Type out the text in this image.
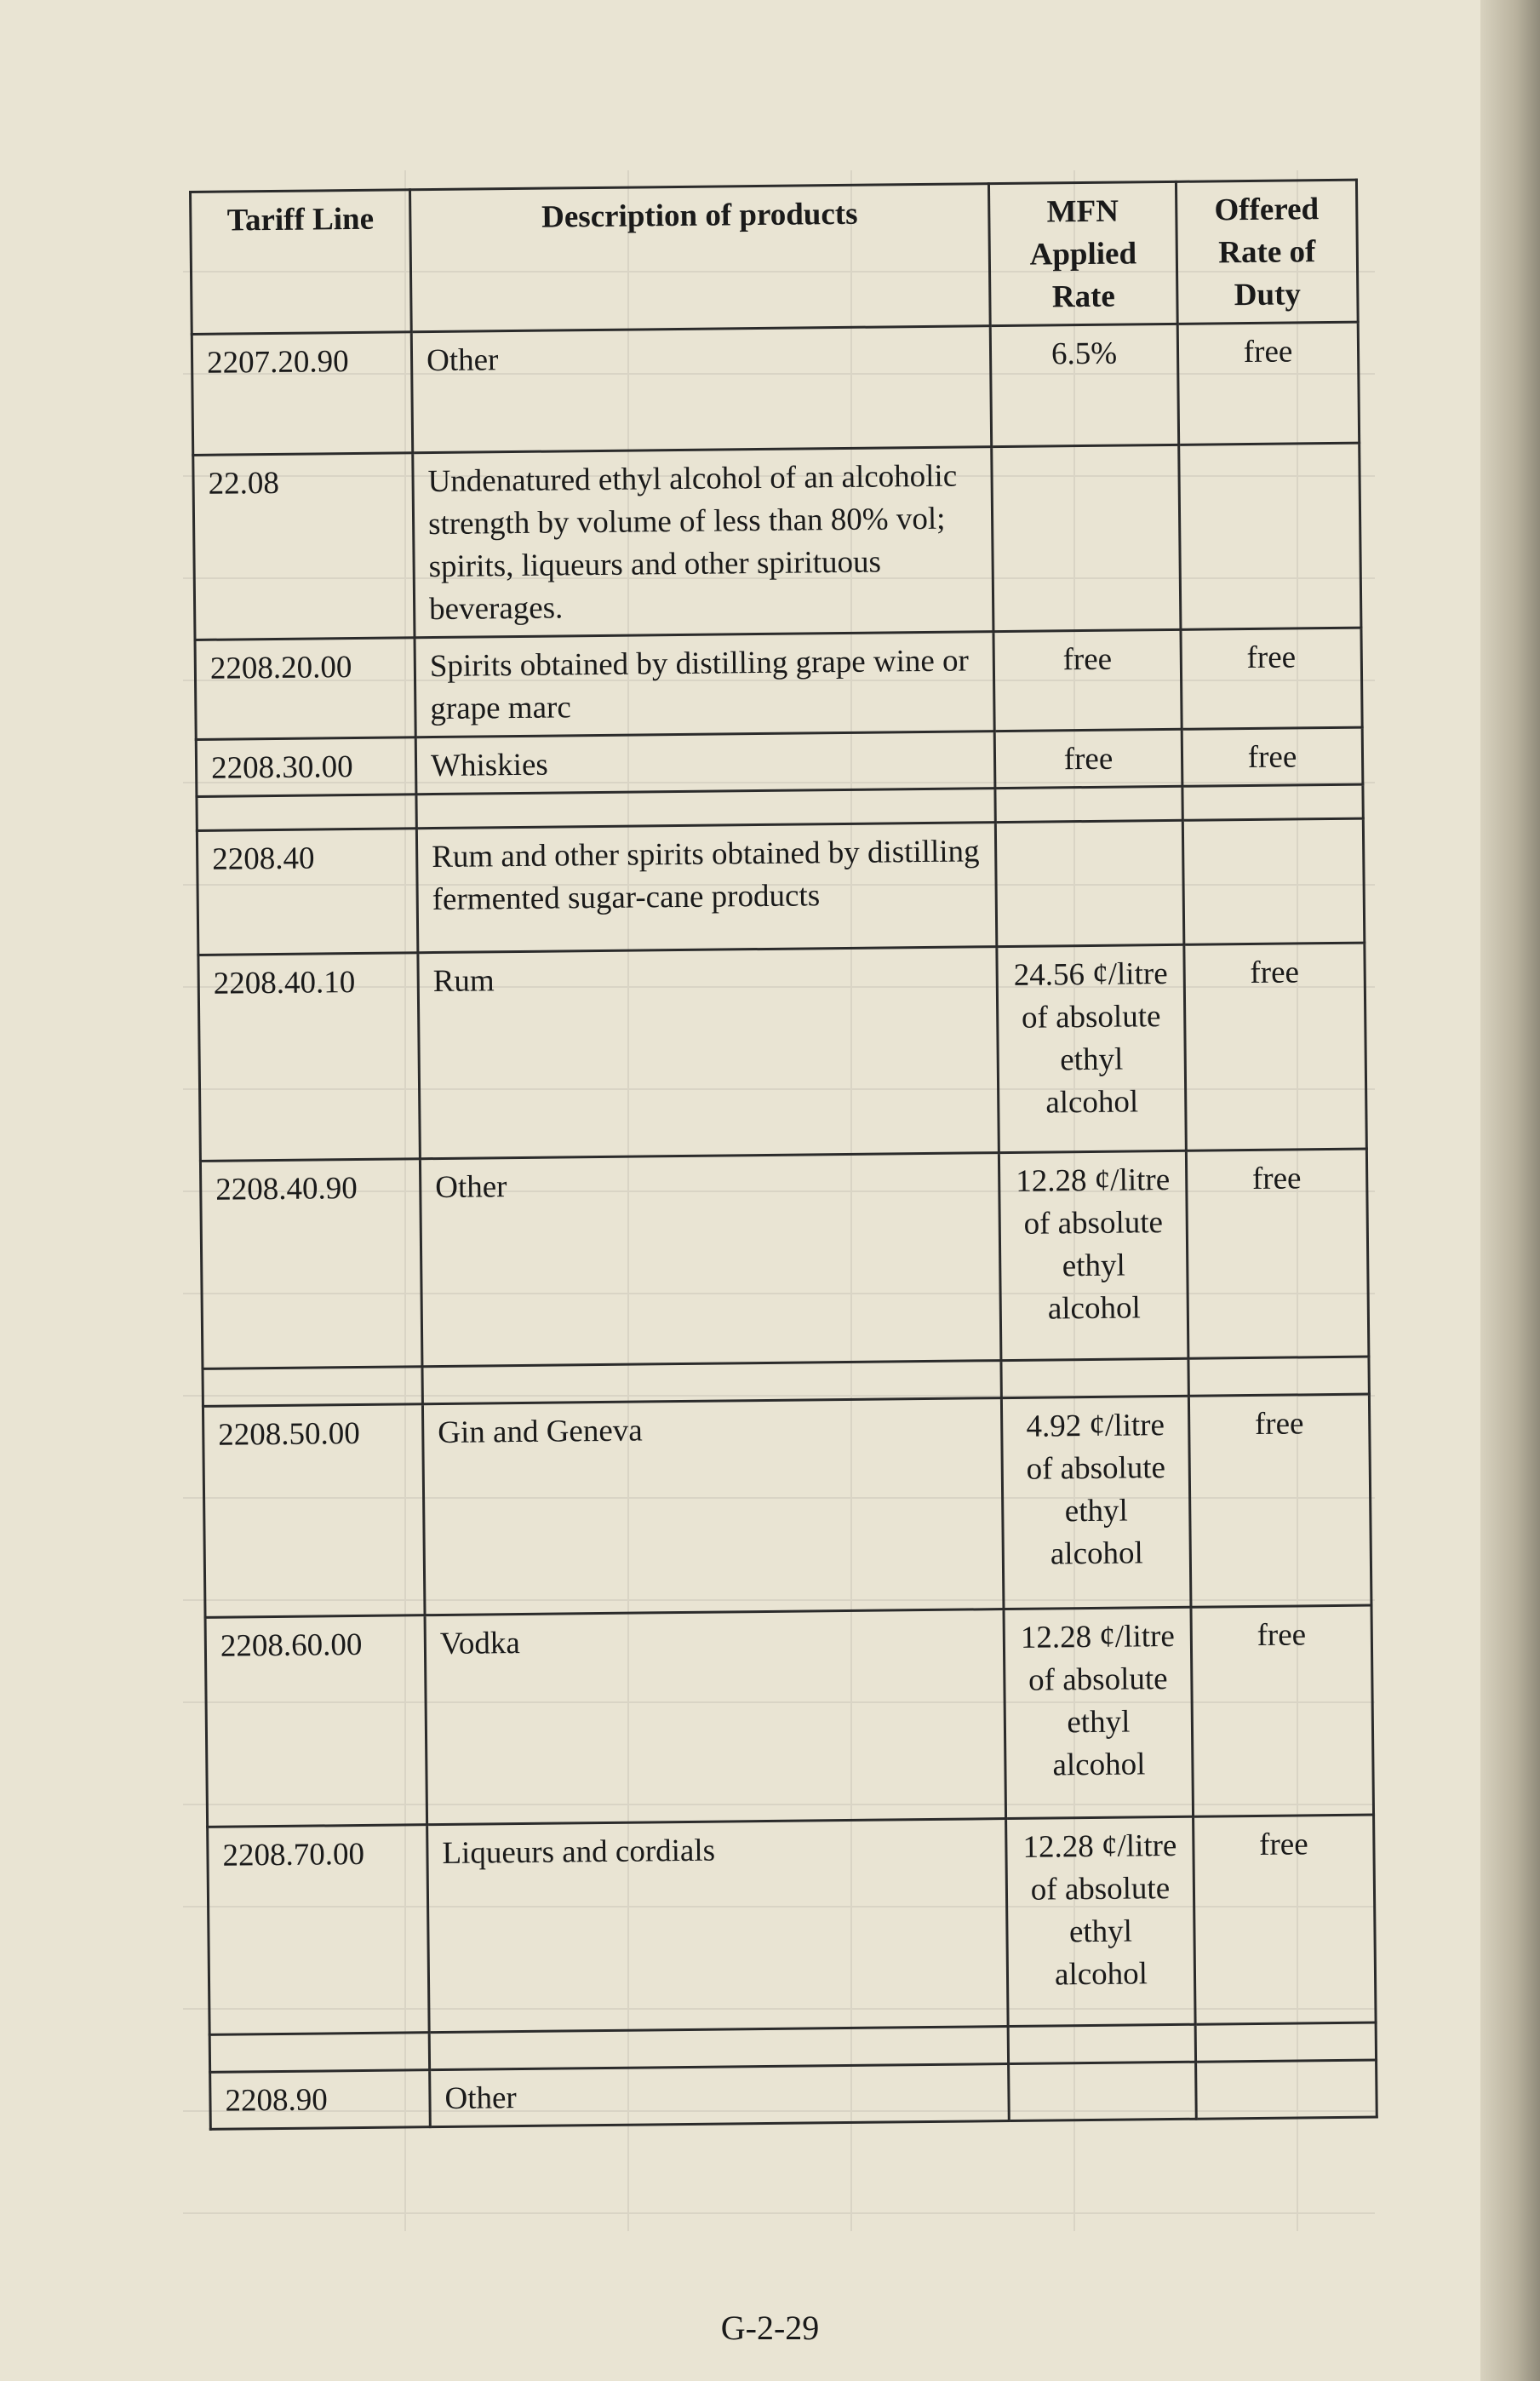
Tariff Line	Description of products	MFN Applied Rate	Offered Rate of Duty
2207.20.90	Other	6.5%	free
22.08	Undenatured ethyl alcohol of an alcoholic strength by volume of less than 80% vol; spirits, liqueurs and other spirituous beverages.		
2208.20.00	Spirits obtained by distilling grape wine or grape marc	free	free
2208.30.00	Whiskies	free	free

2208.40	Rum and other spirits obtained by distilling fermented sugar-cane products		
2208.40.10	Rum	24.56 ¢/litre of absolute ethyl alcohol	free
2208.40.90	Other	12.28 ¢/litre of absolute ethyl alcohol	free

2208.50.00	Gin and Geneva	4.92 ¢/litre of absolute ethyl alcohol	free
2208.60.00	Vodka	12.28 ¢/litre of absolute ethyl alcohol	free
2208.70.00	Liqueurs and cordials	12.28 ¢/litre of absolute ethyl alcohol	free

2208.90	Other		
G-2-29
